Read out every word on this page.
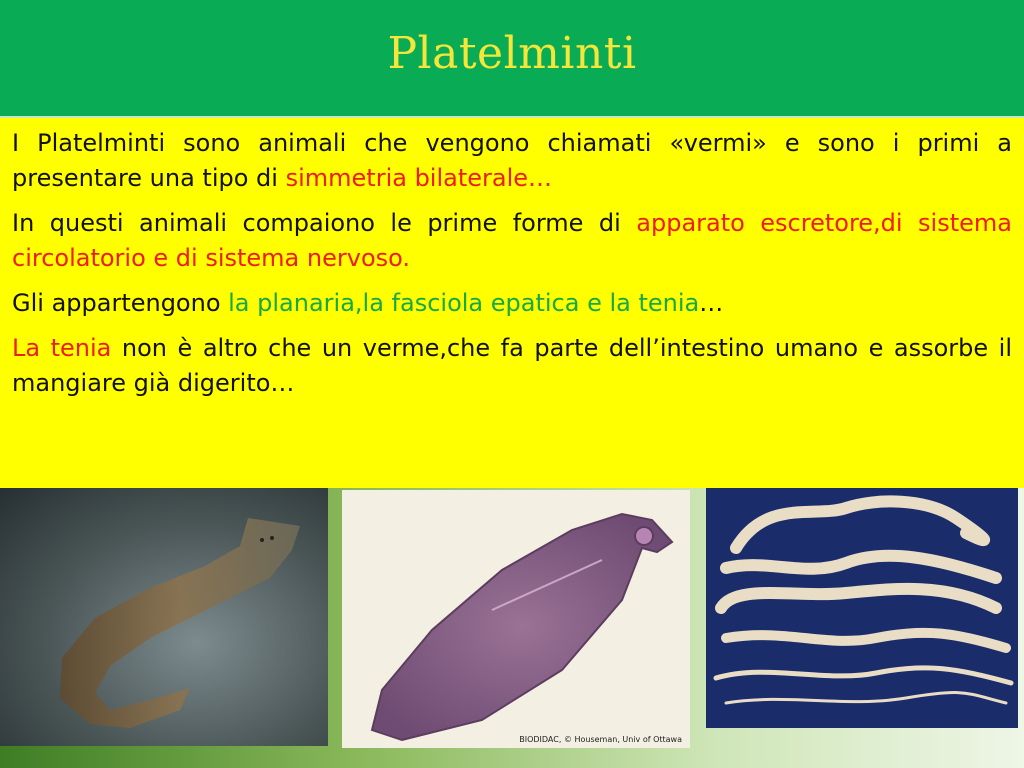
Platelminti

I Platelminti sono animali che vengono chiamati «vermi» e sono i primi a presentare una tipo di simmetria bilaterale…

In questi animali compaiono le prime forme di apparato escretore,di sistema circolatorio e di sistema nervoso.

Gli appartengono la planaria,la fasciola epatica e la tenia…

La tenia non è altro che un verme,che fa parte dell’intestino umano e assorbe il mangiare già digerito…

BIODIDAC, © Houseman, Univ of Ottawa
